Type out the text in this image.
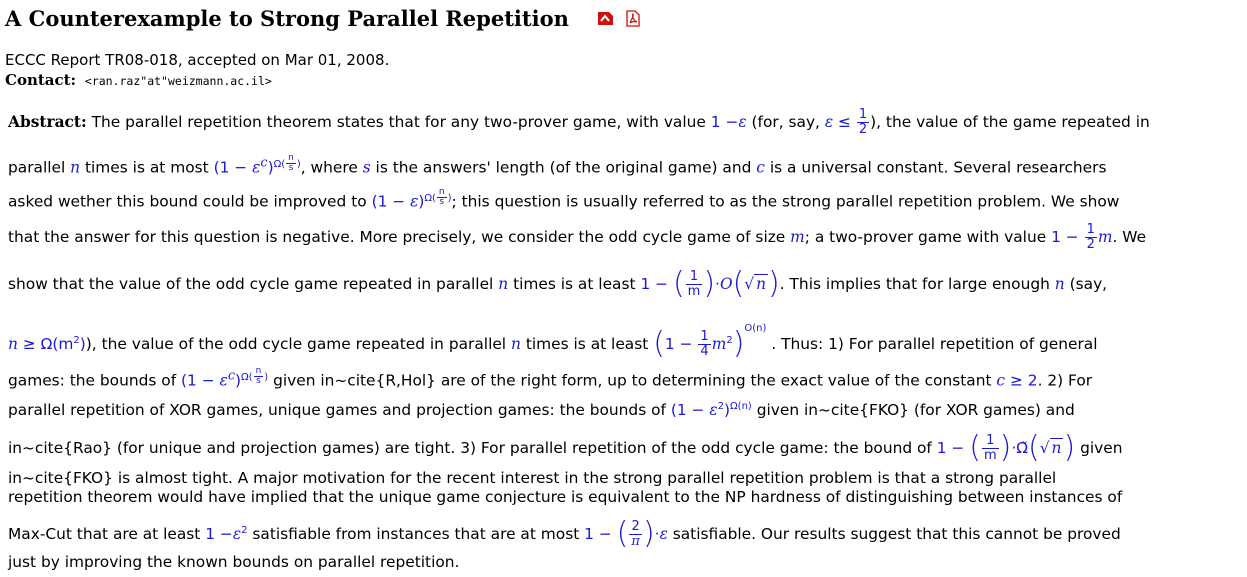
A Counterexample to Strong Parallel Repetition
ECCC Report TR08-018, accepted on Mar 01, 2008.
Contact: <ran.raz"at"weizmann.ac.il>
Abstract: The parallel repetition theorem states that for any two-prover game, with value 1 −ε (for, say, $\varepsilon \le \frac{1}{2}$ ), the value of the game repeated in
parallel n times is at most $(1 - \varepsilon^c)^{\Omega( \frac{n}{s} )}$, where s is the answers' length (of the original game) and c is a universal constant. Several researchers
asked wether this bound could be improved to $(1 - \varepsilon)^{\Omega( \frac{n}{s} )}$; this question is usually referred to as the strong parallel repetition problem. We show
that the answer for this question is negative. More precisely, we consider the odd cycle game of size m; a two-prover game with value $1 - \frac{1}{2} m$. We
show that the value of the odd cycle game repeated in parallel n times is at least 1 − ( $\frac{1}{m} )\cdot O(√$ n). This implies that for large enough n (say,
$n \ge \Omega(m^2)$), the value of the odd cycle game repeated in parallel n times is at least $(1 - \frac{1}{4} m^2)^{O(n)}$ . Thus: 1) For parallel repetition of general
games: the bounds of $(1 - \varepsilon^c)^{\Omega( \frac{n}{s} )}$ given in~cite{R,Hol} are of the right form, up to determining the exact value of the constant c ≥ 2. 2) For
parallel repetition of XOR games, unique games and projection games: the bounds of $(1 - \varepsilon^2)^{\Omega(n)}$ given in~cite{FKO} (for XOR games) and
in~cite{Rao} (for unique and projection games) are tight. 3) For parallel repetition of the odd cycle game: the bound of 1 − ( $\frac{1}{m}$ )·Ω̃(√ n) given
in~cite{FKO} is almost tight. A major motivation for the recent interest in the strong parallel repetition problem is that a strong parallel
repetition theorem would have implied that the unique game conjecture is equivalent to the NP hardness of distinguishing between instances of
Max-Cut that are at least $1 -\varepsilon^2$ satisfiable from instances that are at most 1 − ( $\frac{2}{\pi} )\cdot\varepsilon$ satisfiable. Our results suggest that this cannot be proved
just by improving the known bounds on parallel repetition.
